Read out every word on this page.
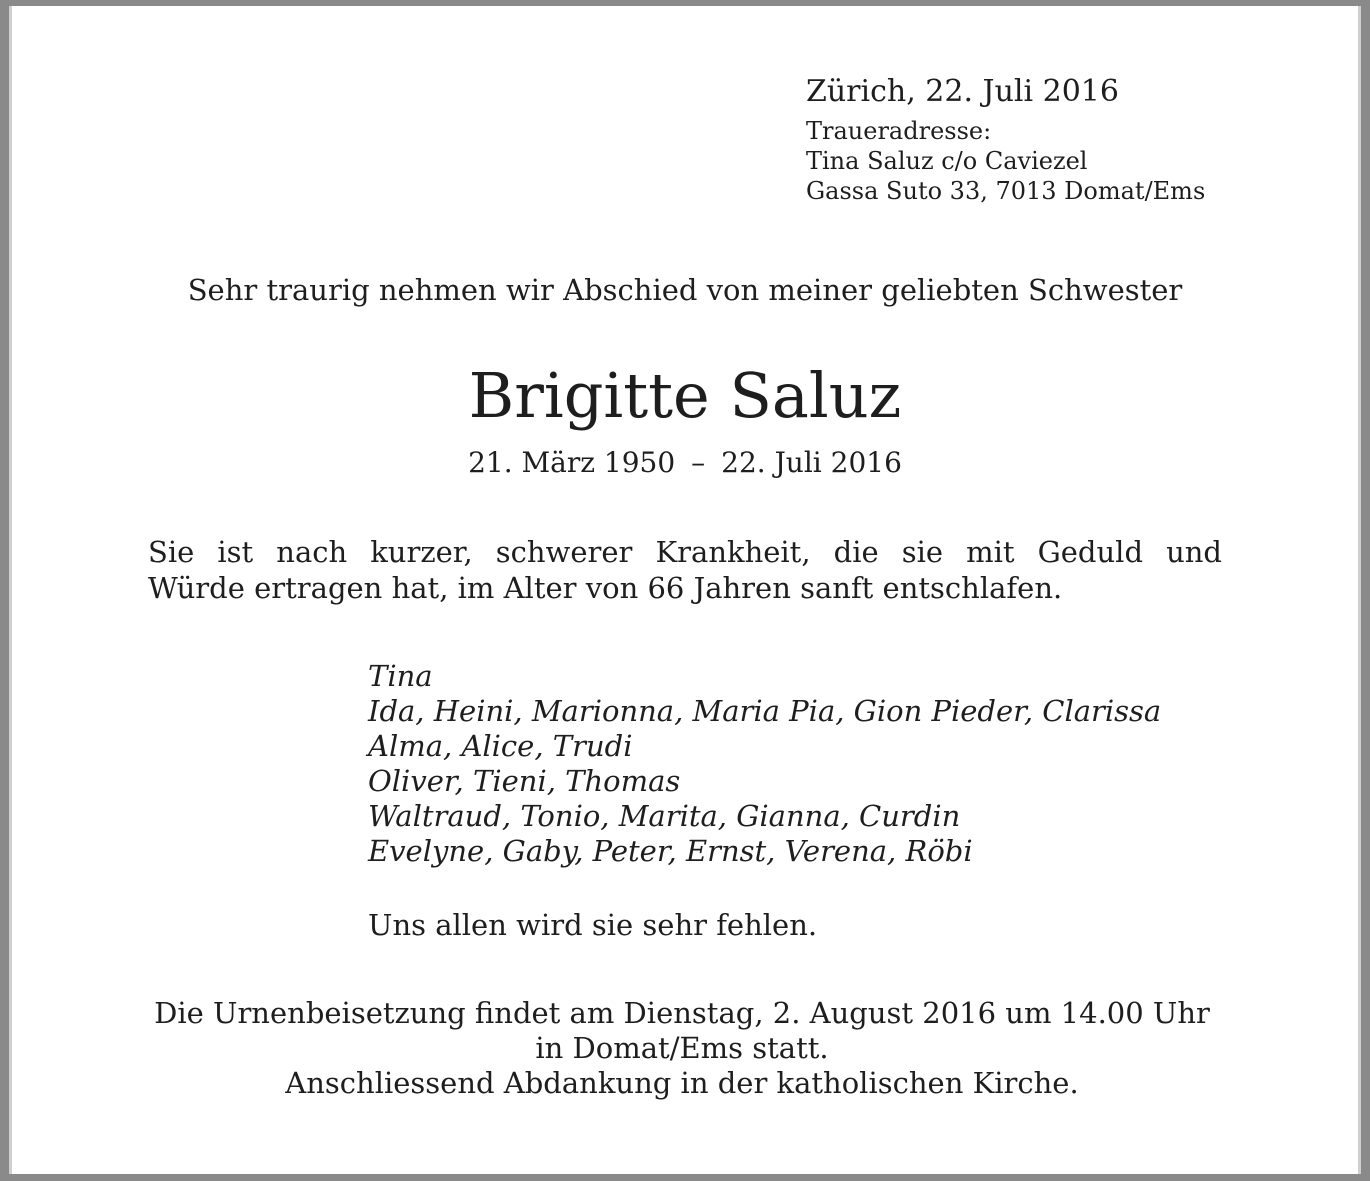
Zürich, 22. Juli 2016
Traueradresse:
Tina Saluz c/o Caviezel
Gassa Suto 33, 7013 Domat/Ems
Sehr traurig nehmen wir Abschied von meiner geliebten Schwester
Brigitte Saluz
21. März 1950 – 22. Juli 2016
Sie ist nach kurzer, schwerer Krankheit, die sie mit Geduld und
Würde ertragen hat, im Alter von 66 Jahren sanft entschlafen.
Tina
Ida, Heini, Marionna, Maria Pia, Gion Pieder, Clarissa
Alma, Alice, Trudi
Oliver, Tieni, Thomas
Waltraud, Tonio, Marita, Gianna, Curdin
Evelyne, Gaby, Peter, Ernst, Verena, Röbi
Uns allen wird sie sehr fehlen.
Die Urnenbeisetzung findet am Dienstag, 2. August 2016 um 14.00 Uhr
in Domat/Ems statt.
Anschliessend Abdankung in der katholischen Kirche.
